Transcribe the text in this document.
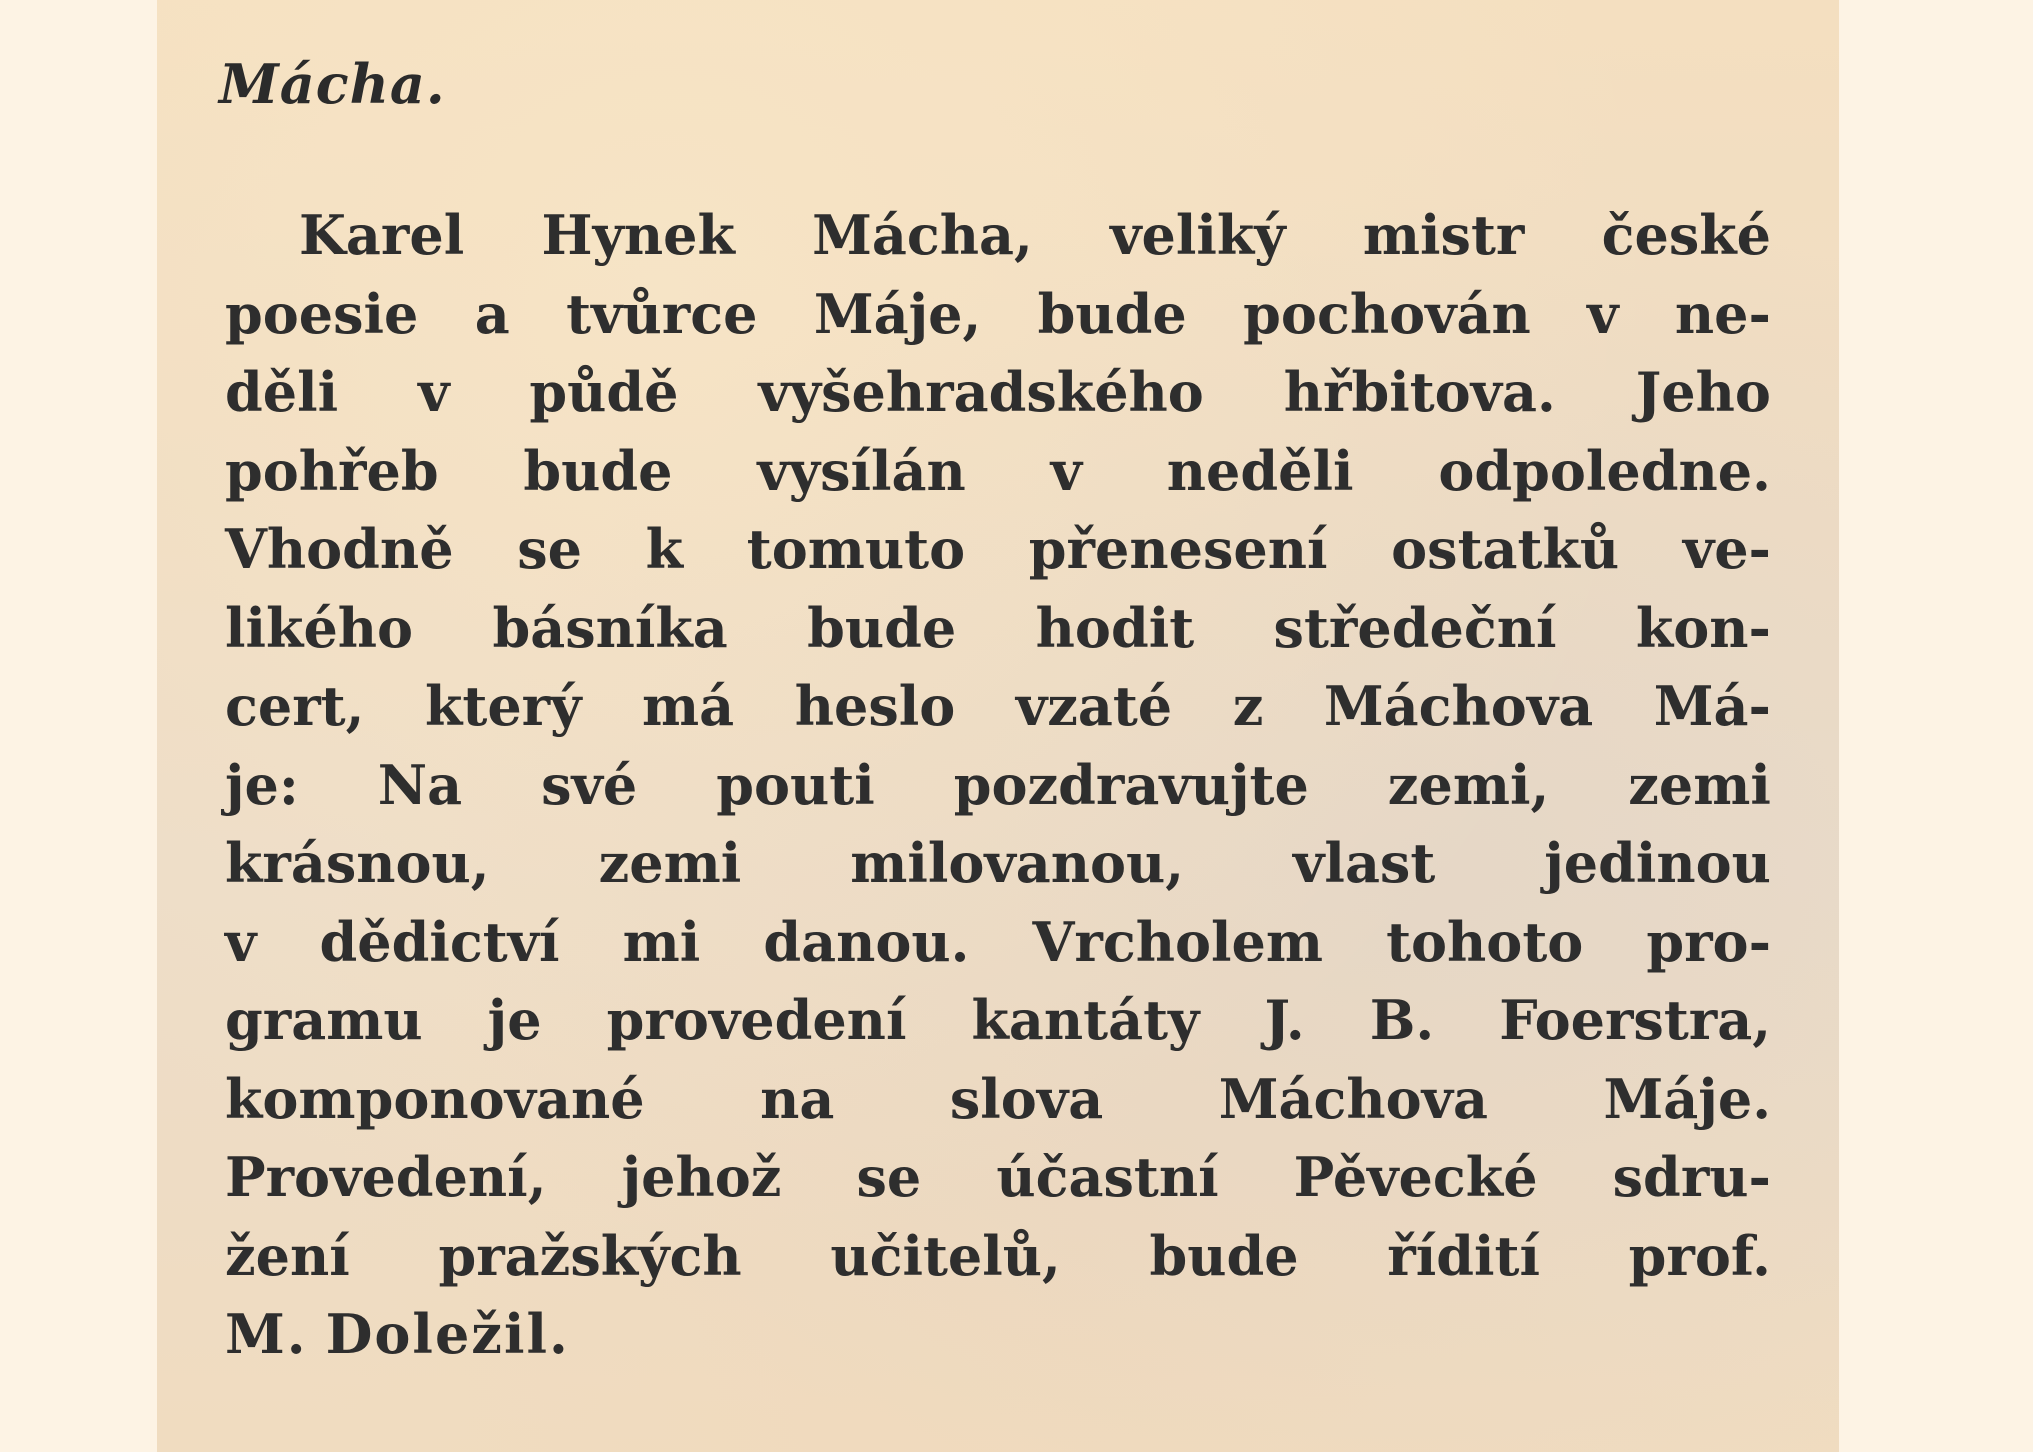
Mácha.
Karel Hynek Mácha, veliký mistr české
poesie a tvůrce Máje, bude pochován v ne-
děli v půdě vyšehradského hřbitova. Jeho
pohřeb bude vysílán v neděli odpoledne.
Vhodně se k tomuto přenesení ostatků ve-
likého básníka bude hodit středeční kon-
cert, který má heslo vzaté z Máchova Má-
je: Na své pouti pozdravujte zemi, zemi
krásnou, zemi milovanou, vlast jedinou
v dědictví mi danou. Vrcholem tohoto pro-
gramu je provedení kantáty J. B. Foerstra,
komponované na slova Máchova Máje.
Provedení, jehož se účastní Pěvecké sdru-
žení pražských učitelů, bude řídití prof.
M. Doležil.
